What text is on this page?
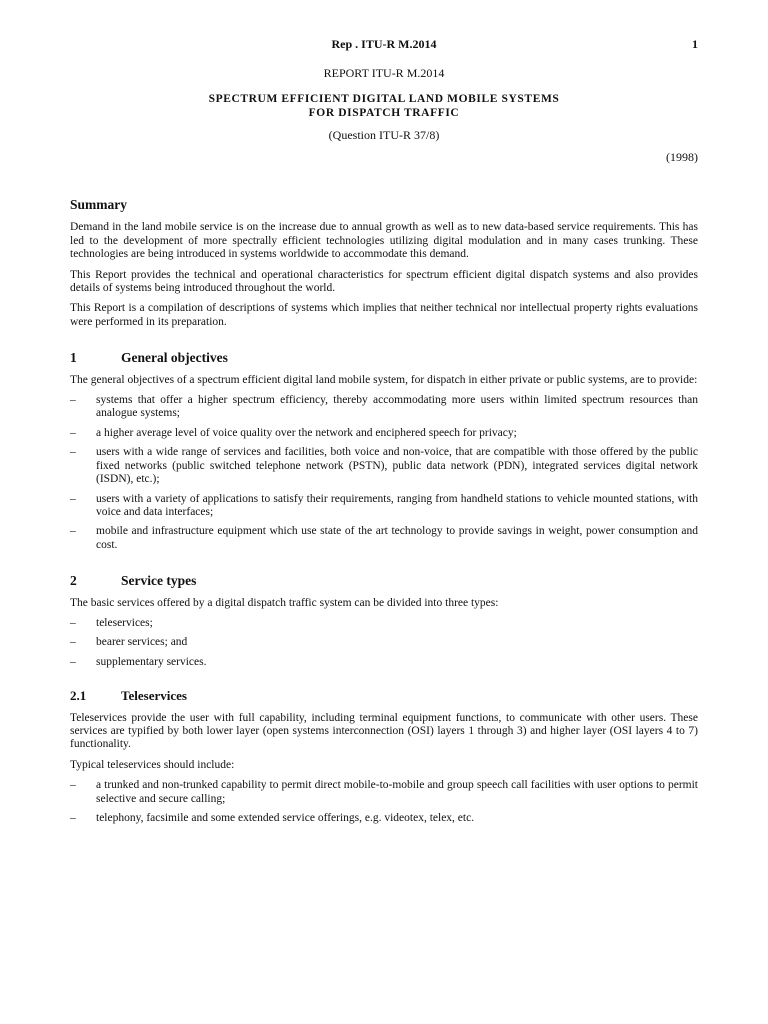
Rep . ITU-R M.2014	1
REPORT ITU-R M.2014
SPECTRUM EFFICIENT DIGITAL LAND MOBILE SYSTEMS
FOR DISPATCH TRAFFIC
(Question ITU-R 37/8)
(1998)
Summary

Demand in the land mobile service is on the increase due to annual growth as well as to new data-based service requirements. This has led to the development of more spectrally efficient technologies utilizing digital modulation and in many cases trunking. These technologies are being introduced in systems worldwide to accommodate this demand.

This Report provides the technical and operational characteristics for spectrum efficient digital dispatch systems and also provides details of systems being introduced throughout the world.

This Report is a compilation of descriptions of systems which implies that neither technical nor intellectual property rights evaluations were performed in its preparation.

1	General objectives

The general objectives of a spectrum efficient digital land mobile system, for dispatch in either private or public systems, are to provide:

–	systems that offer a higher spectrum efficiency, thereby accommodating more users within limited spectrum resources than analogue systems;
–	a higher average level of voice quality over the network and enciphered speech for privacy;
–	users with a wide range of services and facilities, both voice and non-voice, that are compatible with those offered by the public fixed networks (public switched telephone network (PSTN), public data network (PDN), integrated services digital network (ISDN), etc.);
–	users with a variety of applications to satisfy their requirements, ranging from handheld stations to vehicle mounted stations, with voice and data interfaces;
–	mobile and infrastructure equipment which use state of the art technology to provide savings in weight, power consumption and cost.
2	Service types

The basic services offered by a digital dispatch traffic system can be divided into three types:

–	teleservices;
–	bearer services; and
–	supplementary services.
2.1	Teleservices

Teleservices provide the user with full capability, including terminal equipment functions, to communicate with other users. These services are typified by both lower layer (open systems interconnection (OSI) layers 1 through 3) and higher layer (OSI layers 4 to 7) functionality.

Typical teleservices should include:

–	a trunked and non-trunked capability to permit direct mobile-to-mobile and group speech call facilities with user options to permit selective and secure calling;
–	telephony, facsimile and some extended service offerings, e.g. videotex, telex, etc.
